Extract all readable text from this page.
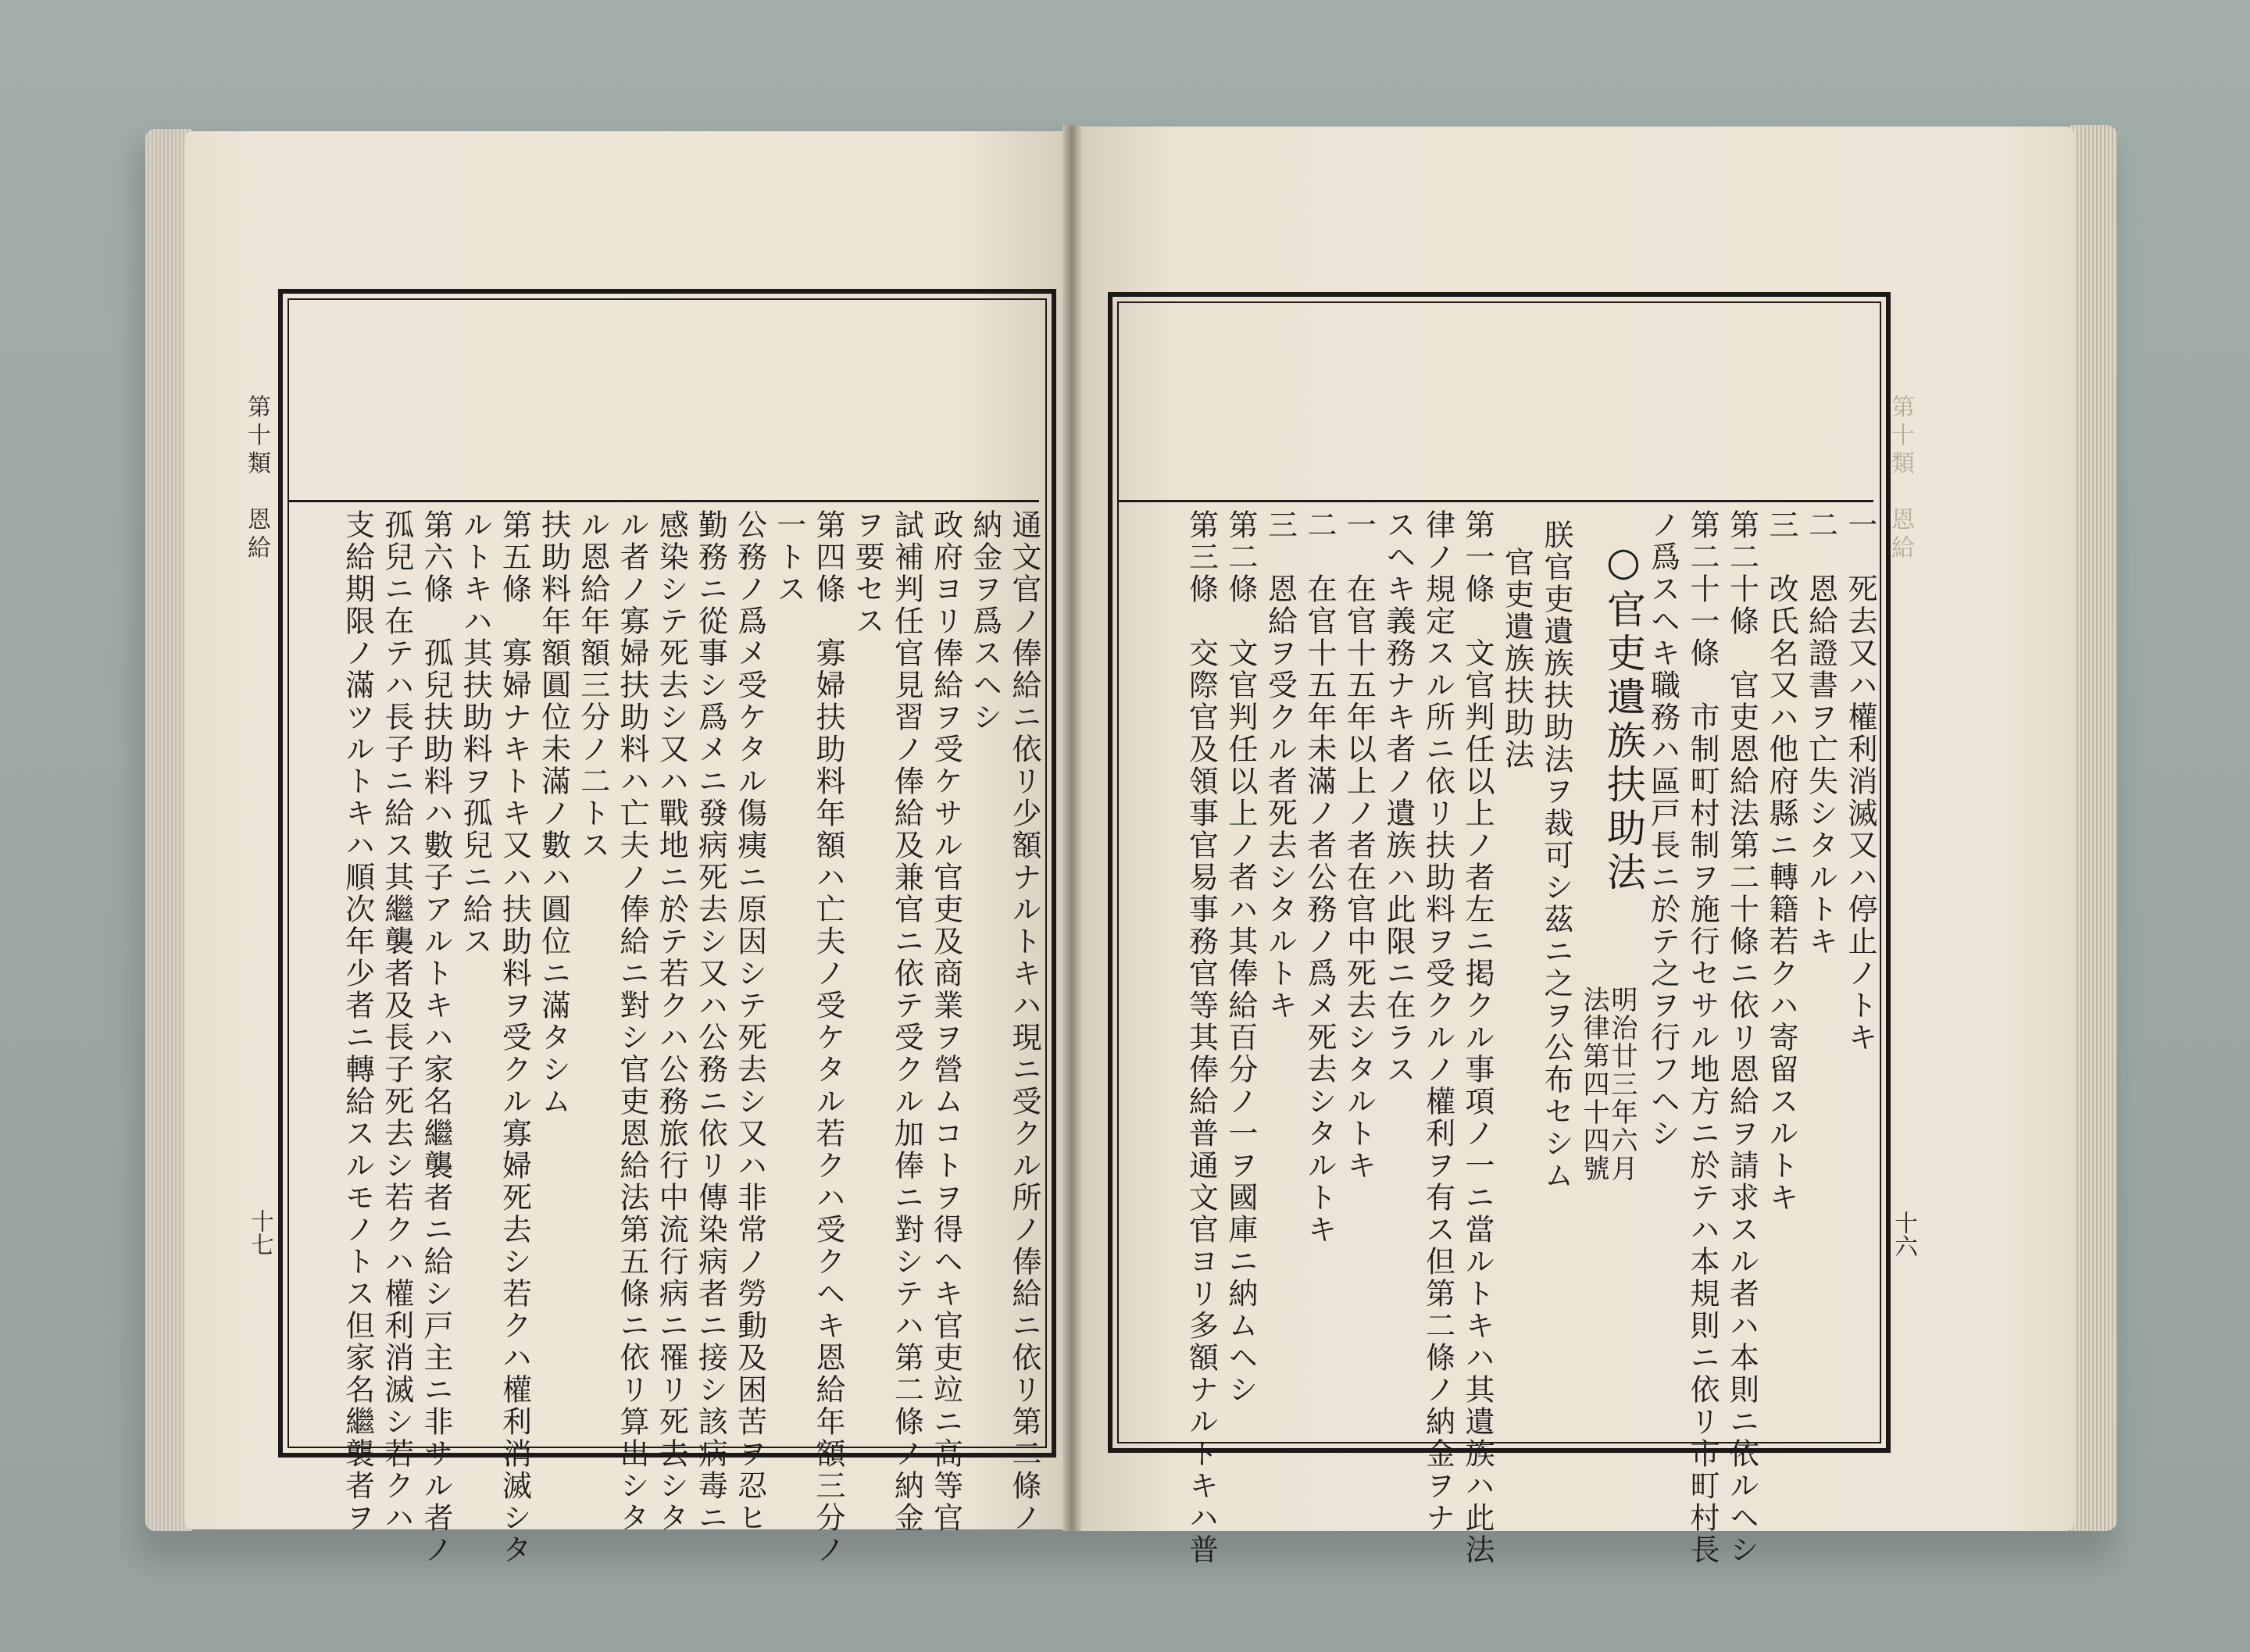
第十類　恩給
十七	通文官ノ俸給ニ依リ少額ナルトキハ現ニ受クル所ノ俸給ニ依リ第二條ノ
納金ヲ爲スヘシ
政府ヨリ俸給ヲ受ケサル官吏及商業ヲ營ムコトヲ得ヘキ官吏竝ニ高等官
試補判任官見習ノ俸給及兼官ニ依テ受クル加俸ニ對シテハ第二條ノ納金
ヲ要セス
第四條　寡婦扶助料年額ハ亡夫ノ受ケタル若クハ受クヘキ恩給年額三分ノ
一トス
公務ノ爲メ受ケタル傷痍ニ原因シテ死去シ又ハ非常ノ勞動及困苦ヲ忍ヒ
勤務ニ從事シ爲メニ發病死去シ又ハ公務ニ依リ傳染病者ニ接シ該病毒ニ
感染シテ死去シ又ハ戰地ニ於テ若クハ公務旅行中流行病ニ罹リ死去シタ
ル者ノ寡婦扶助料ハ亡夫ノ俸給ニ對シ官吏恩給法第五條ニ依リ算出シタ
ル恩給年額三分ノ二トス
扶助料年額圓位未滿ノ數ハ圓位ニ滿タシム
第五條　寡婦ナキトキ又ハ扶助料ヲ受クル寡婦死去シ若クハ權利消滅シタ
ルトキハ其扶助料ヲ孤兒ニ給ス
第六條　孤兒扶助料ハ數子アルトキハ家名繼襲者ニ給シ戸主ニ非サル者ノ
孤兒ニ在テハ長子ニ給ス其繼襲者及長子死去シ若クハ權利消滅シ若クハ
支給期限ノ滿ツルトキハ順次年少者ニ轉給スルモノトス但家名繼襲者ヲ
第十類　恩給
十六
一　死去又ハ權利消滅又ハ停止ノトキ
二　恩給證書ヲ亡失シタルトキ
三　改氏名又ハ他府縣ニ轉籍若クハ寄留スルトキ
第二十條　官吏恩給法第二十條ニ依リ恩給ヲ請求スル者ハ本則ニ依ルヘシ
第二十一條　市制町村制ヲ施行セサル地方ニ於テハ本規則ニ依リ市町村長
ノ爲スヘキ職務ハ區戸長ニ於テ之ヲ行フヘシ
○官吏遺族扶助法
明治廿三年六月
法律第四十四號
朕官吏遺族扶助法ヲ裁可シ茲ニ之ヲ公布セシム
官吏遺族扶助法
第一條　文官判任以上ノ者左ニ掲クル事項ノ一ニ當ルトキハ其遺族ハ此法
律ノ規定スル所ニ依リ扶助料ヲ受クルノ權利ヲ有ス但第二條ノ納金ヲナ
スヘキ義務ナキ者ノ遺族ハ此限ニ在ラス
一　在官十五年以上ノ者在官中死去シタルトキ
二　在官十五年未滿ノ者公務ノ爲メ死去シタルトキ
三　恩給ヲ受クル者死去シタルトキ
第二條　文官判任以上ノ者ハ其俸給百分ノ一ヲ國庫ニ納ムヘシ
第三條　交際官及領事官易事務官等其俸給普通文官ヨリ多額ナルトキハ普
